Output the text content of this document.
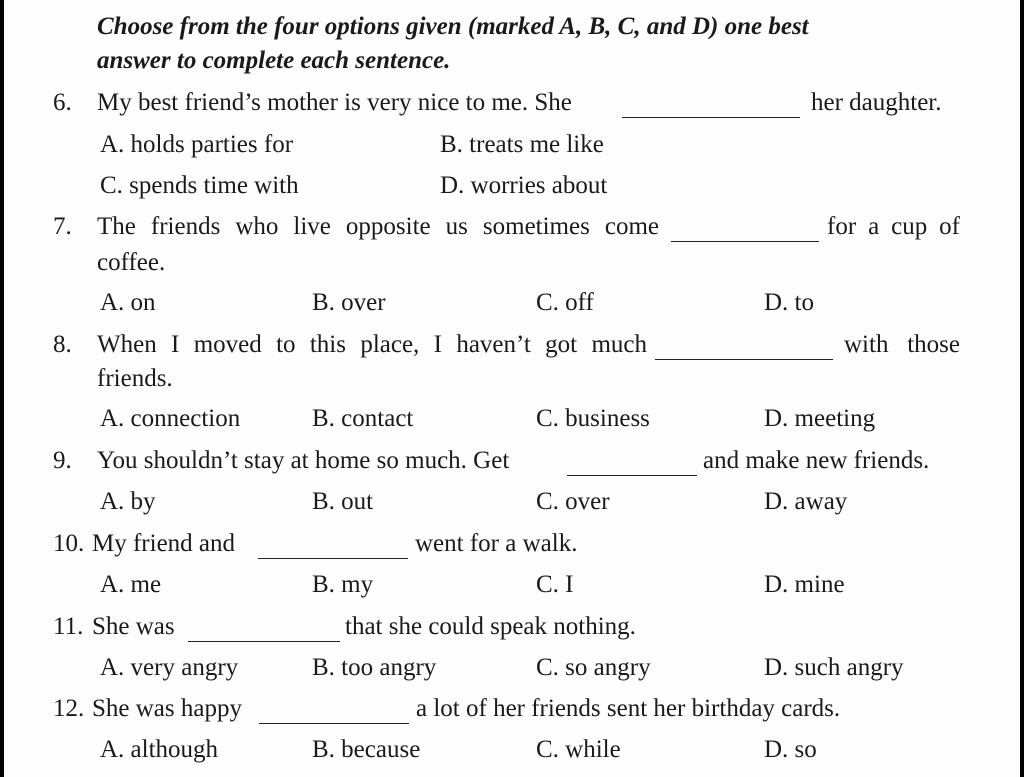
Choose from the four options given (marked A, B, C, and D) one best
answer to complete each sentence.
6. My best friend’s mother is very nice to me. She	her daughter.
A. holds parties for	B. treats me like
C. spends time with	D. worries about
7. The friends who live opposite us sometimes come	for a cup of
coffee.
A. on	B. over	C. off	D. to
8. When I moved to this place, I haven’t got much	with those
friends.
A. connection	B. contact	C. business	D. meeting
9. You shouldn’t stay at home so much. Get	and make new friends.
A. by	B. out	C. over	D. away
10. My friend and	went for a walk.
A. me	B. my	C. I	D. mine
11. She was	that she could speak nothing.
A. very angry	B. too angry	C. so angry	D. such angry
12. She was happy	a lot of her friends sent her birthday cards.
A. although	B. because	C. while	D. so
